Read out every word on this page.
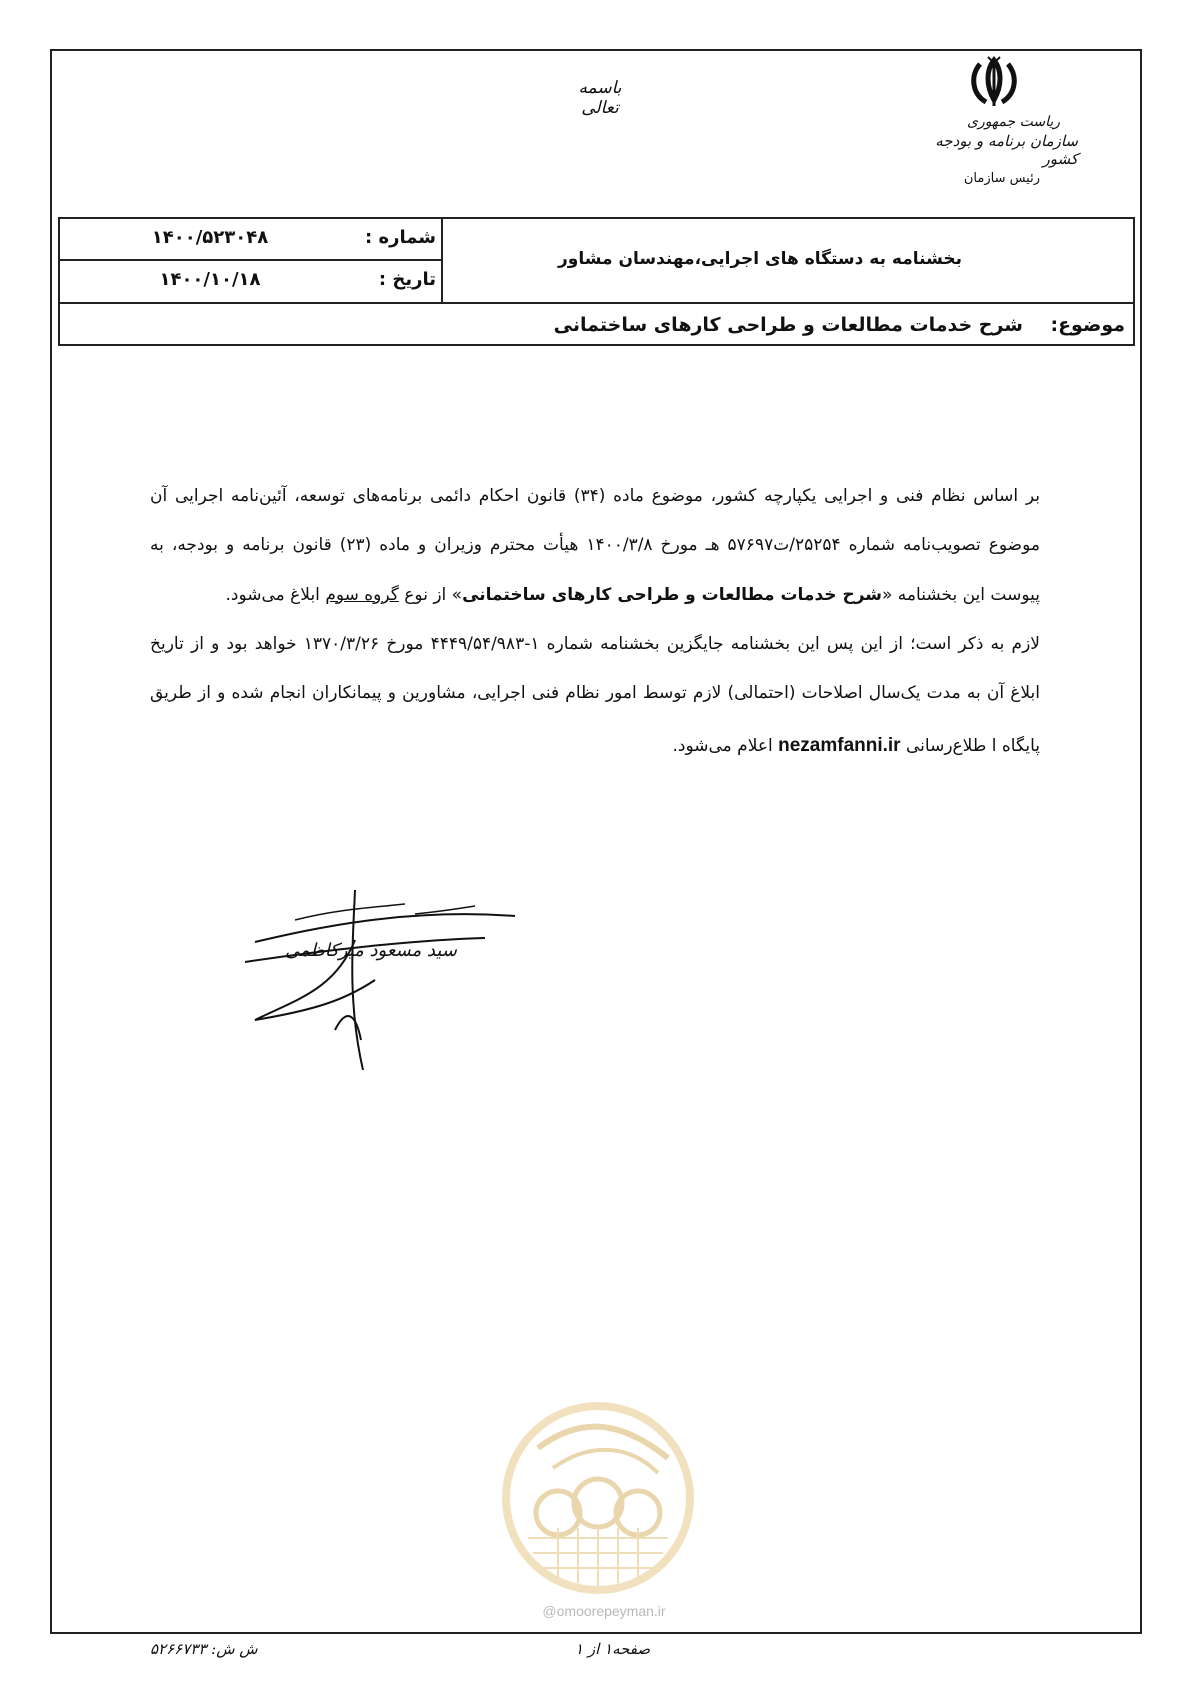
باسمه تعالی
ریاست جمهوری
سازمان برنامه و بودجه کشور
رئیس سازمان
شماره :
۱۴۰۰/۵۲۳۰۴۸
تاریخ :
۱۴۰۰/۱۰/۱۸
بخشنامه به دستگاه های اجرایی،مهندسان مشاور
موضوع:
شرح خدمات مطالعات و طراحی کارهای ساختمانی

بر اساس نظام فنی و اجرایی یکپارچه کشور، موضوع ماده (۳۴) قانون احکام دائمی برنامه‌های توسعه، آئین‌نامه اجرایی آن موضوع تصویب‌نامه شماره ۲۵۲۵۴/ت۵۷۶۹۷ هـ مورخ ۱۴۰۰/۳/۸ هیأت محترم وزیران و ماده (۲۳) قانون برنامه و بودجه، به پیوست این بخشنامه «شرح خدمات مطالعات و طراحی کارهای ساختمانی» از نوع گروه سوم ابلاغ می‌شود.

لازم به ذکر است؛ از این پس این بخشنامه جایگزین بخشنامه شماره ۱-۴۴۴۹/۵۴/۹۸۳ مورخ ۱۳۷۰/۳/۲۶ خواهد بود و از تاریخ ابلاغ آن به مدت یک‌سال اصلاحات (احتمالی) لازم توسط امور نظام فنی اجرایی، مشاورین و پیمانکاران انجام شده و از طریق پایگاه ا طلاع‌رسانی nezamfanni.ir اعلام می‌شود.

سید مسعود میرکاظمی
@omoorepeyman.ir
ش ش: ۵۲۶۶۷۳۳	صفحه۱ از ۱
